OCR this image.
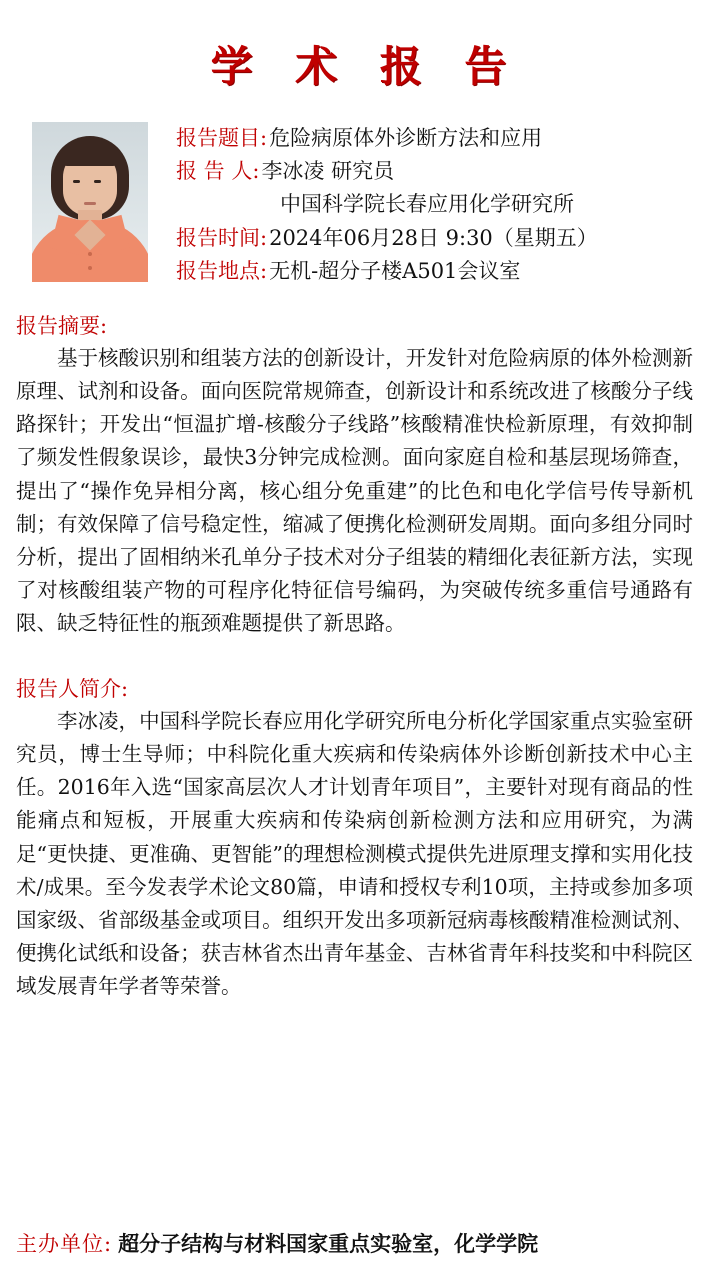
学 术 报 告
报告题目: 危险病原体外诊断方法和应用
报 告 人: 李冰凌 研究员
中国科学院长春应用化学研究所
报告时间: 2024年06月28日 9:30（星期五）
报告地点: 无机-超分子楼A501会议室
报告摘要:
基于核酸识别和组装方法的创新设计，开发针对危险病原的体外检测新原理、试剂和设备。面向医院常规筛查，创新设计和系统改进了核酸分子线路探针；开发出“恒温扩增-核酸分子线路”核酸精准快检新原理，有效抑制了频发性假象误诊，最快3分钟完成检测。面向家庭自检和基层现场筛查，提出了“操作免异相分离，核心组分免重建”的比色和电化学信号传导新机制；有效保障了信号稳定性，缩减了便携化检测研发周期。面向多组分同时分析，提出了固相纳米孔单分子技术对分子组装的精细化表征新方法，实现了对核酸组装产物的可程序化特征信号编码，为突破传统多重信号通路有限、缺乏特征性的瓶颈难题提供了新思路。
报告人简介:
李冰凌，中国科学院长春应用化学研究所电分析化学国家重点实验室研究员，博士生导师；中科院化重大疾病和传染病体外诊断创新技术中心主任。2016年入选“国家高层次人才计划青年项目”，主要针对现有商品的性能痛点和短板，开展重大疾病和传染病创新检测方法和应用研究，为满足“更快捷、更准确、更智能”的理想检测模式提供先进原理支撑和实用化技术/成果。至今发表学术论文80篇，申请和授权专利10项，主持或参加多项国家级、省部级基金或项目。组织开发出多项新冠病毒核酸精准检测试剂、便携化试纸和设备；获吉林省杰出青年基金、吉林省青年科技奖和中科院区域发展青年学者等荣誉。
主办单位: 超分子结构与材料国家重点实验室，化学学院
